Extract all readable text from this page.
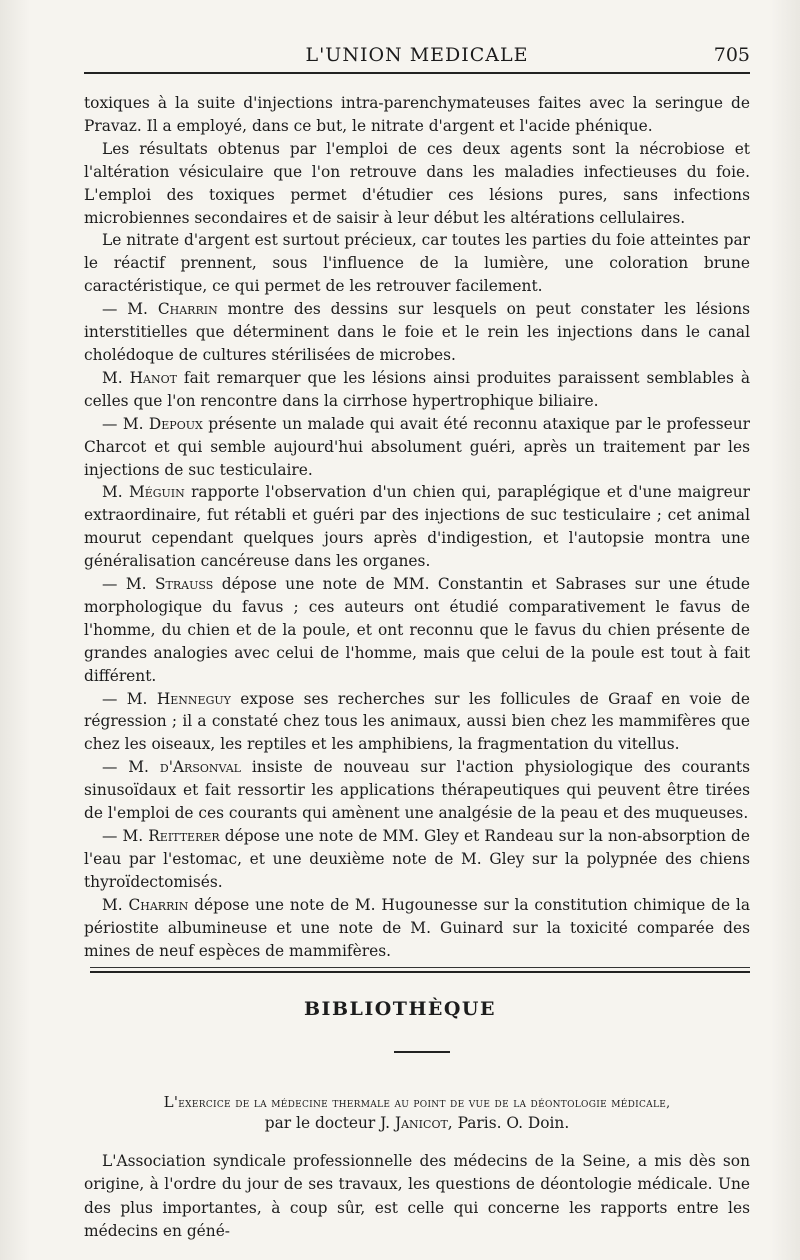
L'UNION MEDICALE	705

toxiques à la suite d'injections intra-parenchymateuses faites avec la seringue de Pravaz. Il a employé, dans ce but, le nitrate d'argent et l'acide phénique.

Les résultats obtenus par l'emploi de ces deux agents sont la nécrobiose et l'altération vésiculaire que l'on retrouve dans les maladies infectieuses du foie. L'emploi des toxiques permet d'étudier ces lésions pures, sans infections microbiennes secondaires et de saisir à leur début les altérations cellulaires.

Le nitrate d'argent est surtout précieux, car toutes les parties du foie atteintes par le réactif prennent, sous l'influence de la lumière, une coloration brune caractéristique, ce qui permet de les retrouver facilement.

— M. Charrin montre des dessins sur lesquels on peut constater les lésions interstitielles que déterminent dans le foie et le rein les injections dans le canal cholédoque de cultures stérilisées de microbes.

M. Hanot fait remarquer que les lésions ainsi produites paraissent semblables à celles que l'on rencontre dans la cirrhose hypertrophique biliaire.

— M. Depoux présente un malade qui avait été reconnu ataxique par le professeur Charcot et qui semble aujourd'hui absolument guéri, après un traitement par les injections de suc testiculaire.

M. Méguin rapporte l'observation d'un chien qui, paraplégique et d'une maigreur extraordinaire, fut rétabli et guéri par des injections de suc testiculaire ; cet animal mourut cependant quelques jours après d'indigestion, et l'autopsie montra une généralisation cancéreuse dans les organes.

— M. Strauss dépose une note de MM. Constantin et Sabrases sur une étude morphologique du favus ; ces auteurs ont étudié comparativement le favus de l'homme, du chien et de la poule, et ont reconnu que le favus du chien présente de grandes analogies avec celui de l'homme, mais que celui de la poule est tout à fait différent.

— M. Henneguy expose ses recherches sur les follicules de Graaf en voie de régression ; il a constaté chez tous les animaux, aussi bien chez les mammifères que chez les oiseaux, les reptiles et les amphibiens, la fragmentation du vitellus.

— M. d'Arsonval insiste de nouveau sur l'action physiologique des courants sinusoïdaux et fait ressortir les applications thérapeutiques qui peuvent être tirées de l'emploi de ces courants qui amènent une analgésie de la peau et des muqueuses.

— M. Reitterer dépose une note de MM. Gley et Randeau sur la non-absorption de l'eau par l'estomac, et une deuxième note de M. Gley sur la polypnée des chiens thyroïdectomisés.

M. Charrin dépose une note de M. Hugounesse sur la constitution chimique de la périostite albumineuse et une note de M. Guinard sur la toxicité comparée des mines de neuf espèces de mammifères.

BIBLIOTHÈQUE
L'exercice de la médecine thermale au point de vue de la déontologie médicale,
par le docteur J. Janicot, Paris. O. Doin.

L'Association syndicale professionnelle des médecins de la Seine, a mis dès son origine, à l'ordre du jour de ses travaux, les questions de déontologie médicale. Une des plus importantes, à coup sûr, est celle qui concerne les rapports entre les médecins en géné-
